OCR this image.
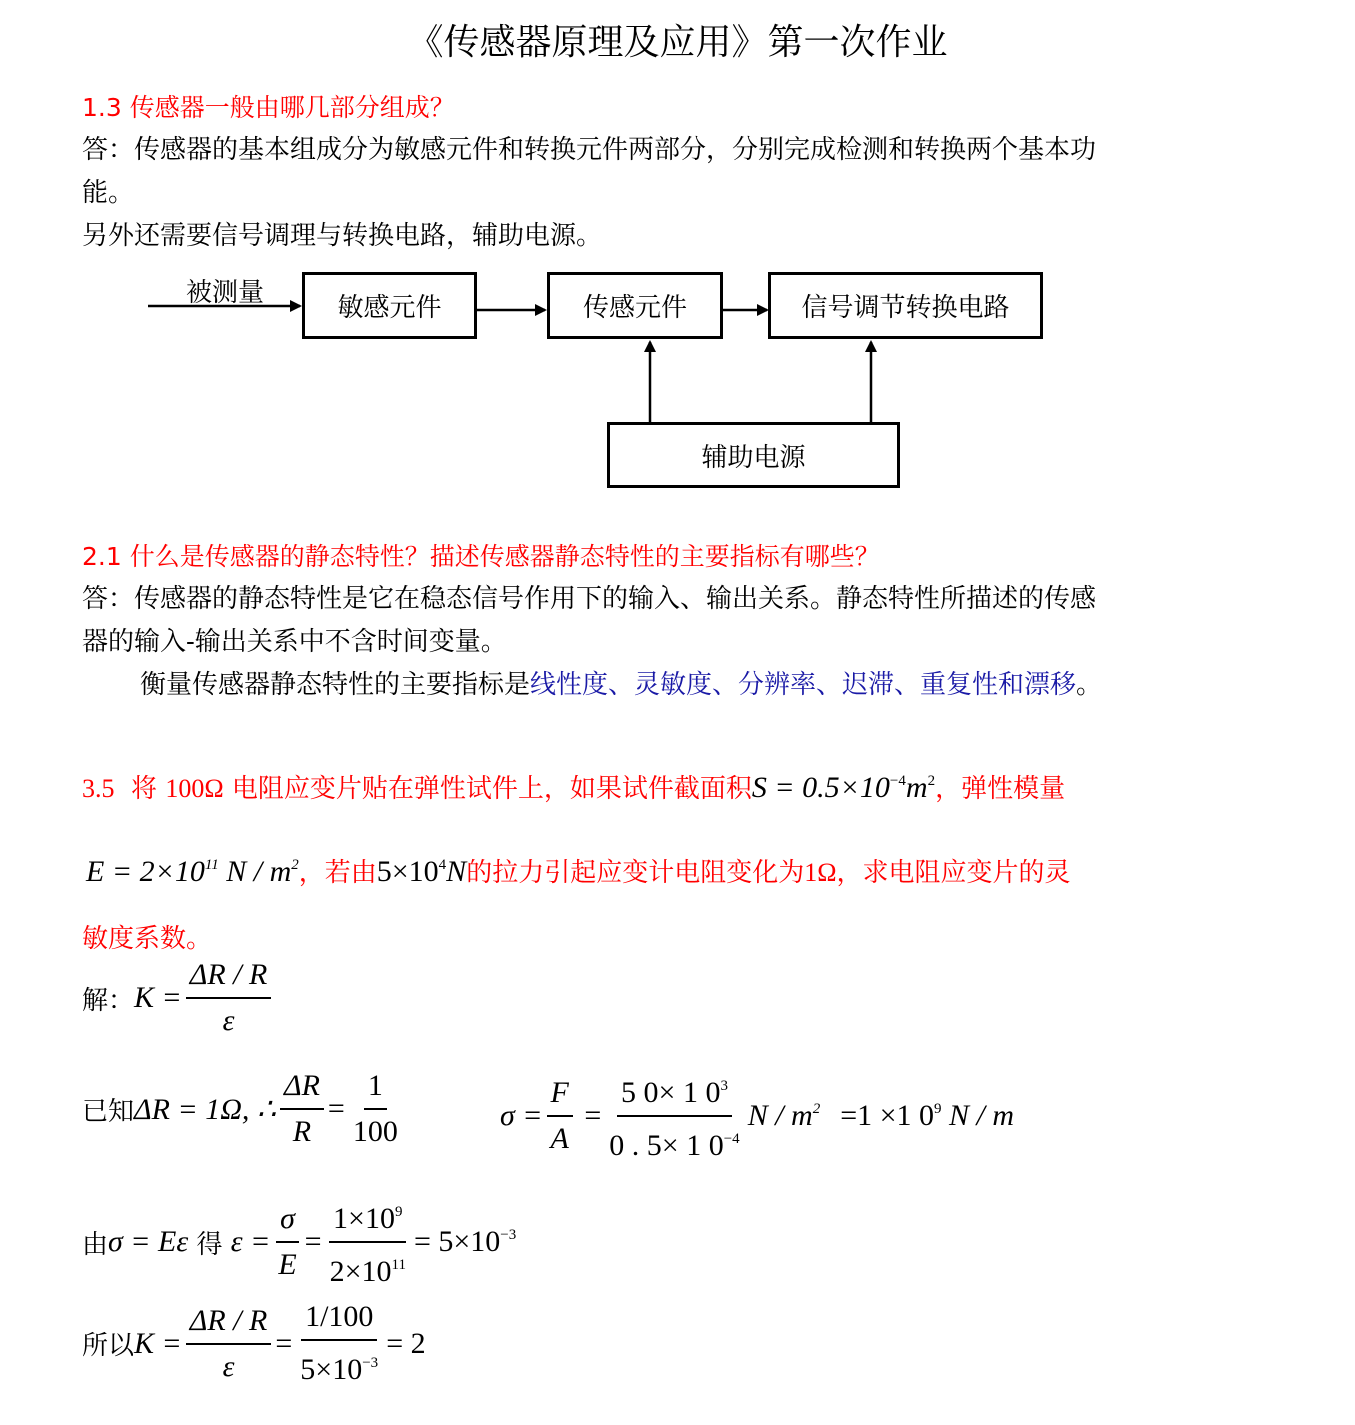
《传感器原理及应用》第一次作业
1.3 传感器一般由哪几部分组成？
答：传感器的基本组成分为敏感元件和转换元件两部分，分别完成检测和转换两个基本功
能。
另外还需要信号调理与转换电路，辅助电源。
被测量	敏感元件	传感元件	信号调节转换电路
辅助电源
2.1 什么是传感器的静态特性？描述传感器静态特性的主要指标有哪些？
答：传感器的静态特性是它在稳态信号作用下的输入、输出关系。静态特性所描述的传感
器的输入-输出关系中不含时间变量。
衡量传感器静态特性的主要指标是线性度、灵敏度、分辨率、迟滞、重复性和漂移。
3.5
将
100Ω
电阻应变片贴在弹性试件上，如果试件截面积 $S = 0.5\times 10^{-4}m^2$ ，弹性模量
$E = 2\times 10^{11}$ N / $m^2$ ，若由 $5\times 10^4N$ 的拉力引起应变计电阻变化为 1Ω ，求电阻应变片的灵
敏度系数。
解： $K = \frac{\Delta R / R}{\varepsilon}$
已知 ΔR = 1Ω, ∴ $\frac{\Delta R}{R} = \frac{1}{100}$	$\sigma = \frac{F}{A} = \frac{5 0\times 1 0^3}{0 . 5\times 1 0^{-4}}$ $N / m^2 =1 \times 1$ $0^9$ N / m
由 σ = Eε
得
$\varepsilon = \frac{\sigma}{E} = \frac{1\times 10^9}{2\times 10^{11}} = 5\times 10^{-3}$
所以 $K = \frac{\Delta R / R}{\varepsilon} = \frac{1/100}{5\times 10^{-3}} = 2$
